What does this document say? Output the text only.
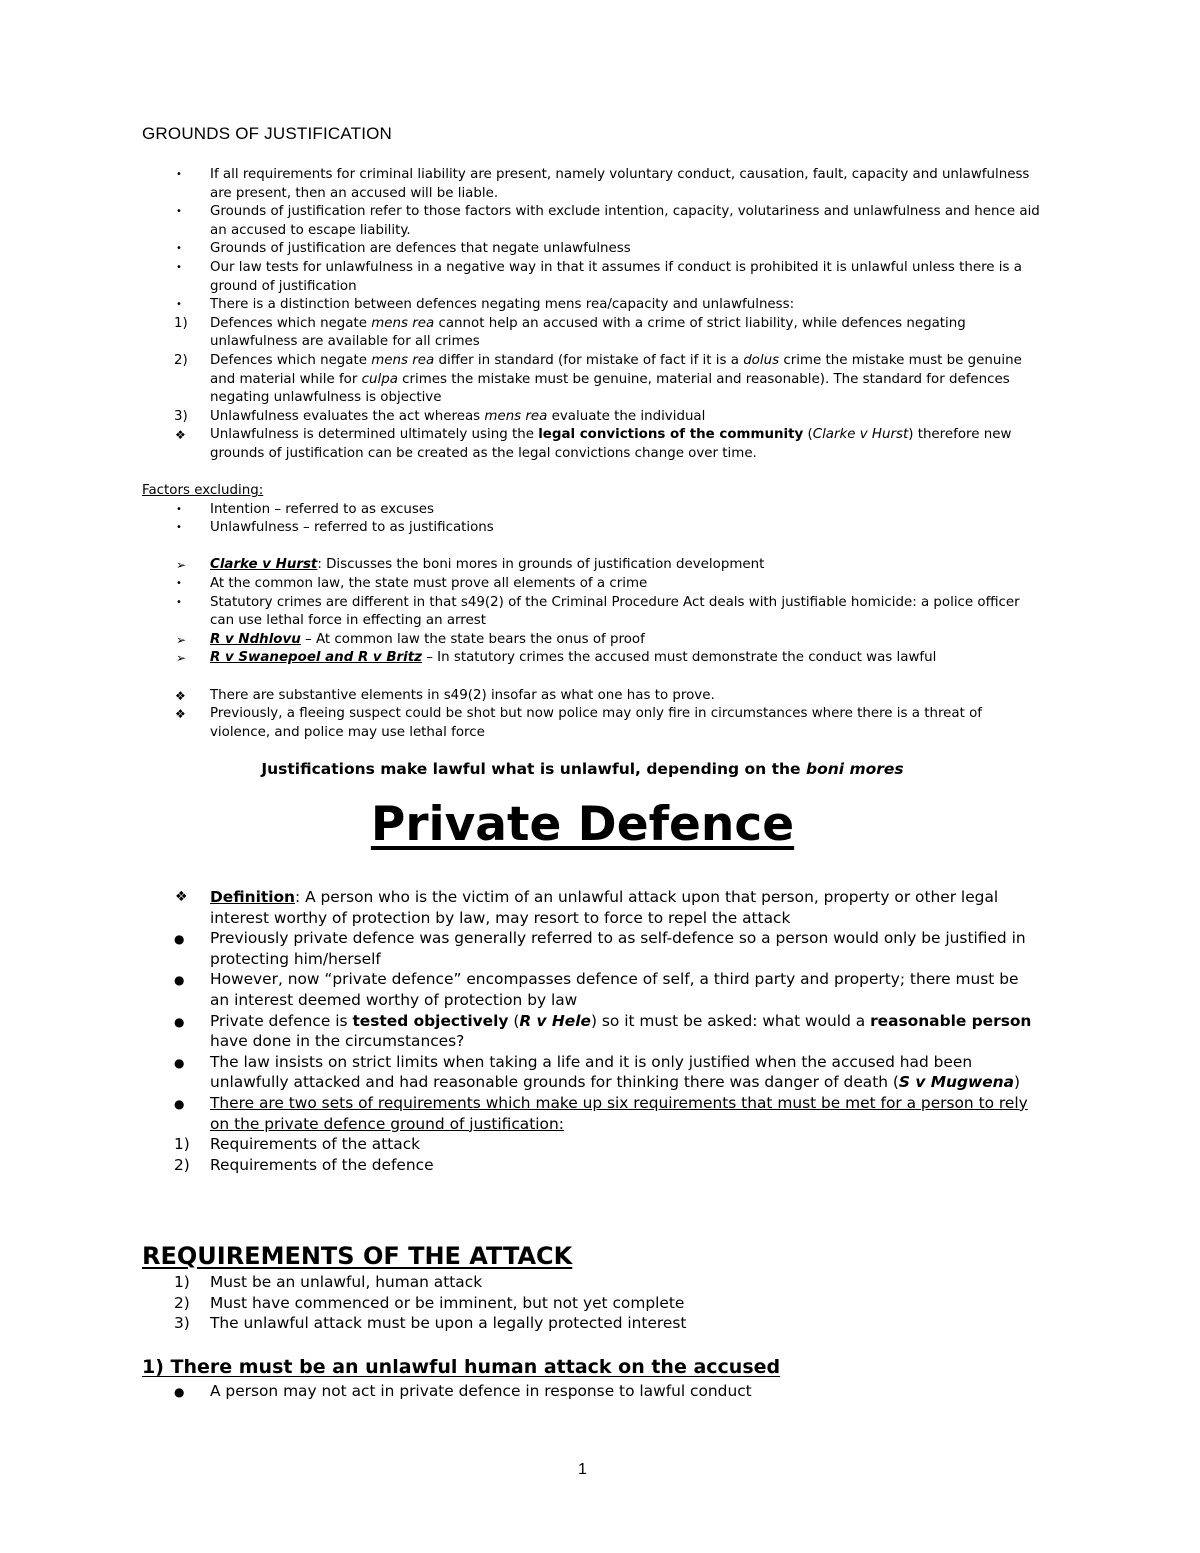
GROUNDS OF JUSTIFICATION
•	If all requirements for criminal liability are present, namely voluntary conduct, causation, fault, capacity and unlawfulness are present, then an accused will be liable.
•	Grounds of justification refer to those factors with exclude intention, capacity, volutariness and unlawfulness and hence aid an accused to escape liability.
•	Grounds of justification are defences that negate unlawfulness
•	Our law tests for unlawfulness in a negative way in that it assumes if conduct is prohibited it is unlawful unless there is a ground of justification
•	There is a distinction between defences negating mens rea/capacity and unlawfulness:
1)	Defences which negate mens rea cannot help an accused with a crime of strict liability, while defences negating unlawfulness are available for all crimes
2)	Defences which negate mens rea differ in standard (for mistake of fact if it is a dolus crime the mistake must be genuine and material while for culpa crimes the mistake must be genuine, material and reasonable). The standard for defences negating unlawfulness is objective
3)	Unlawfulness evaluates the act whereas mens rea evaluate the individual
❖	Unlawfulness is determined ultimately using the legal convictions of the community (Clarke v Hurst) therefore new grounds of justification can be created as the legal convictions change over time.
Factors excluding:
•	Intention – referred to as excuses
•	Unlawfulness – referred to as justifications
➢	Clarke v Hurst: Discusses the boni mores in grounds of justification development
•	At the common law, the state must prove all elements of a crime
•	Statutory crimes are different in that s49(2) of the Criminal Procedure Act deals with justifiable homicide: a police officer can use lethal force in effecting an arrest
➢	R v Ndhlovu – At common law the state bears the onus of proof
➢	R v Swanepoel and R v Britz – In statutory crimes the accused must demonstrate the conduct was lawful
❖	There are substantive elements in s49(2) insofar as what one has to prove.
❖	Previously, a fleeing suspect could be shot but now police may only fire in circumstances where there is a threat of violence, and police may use lethal force
Justifications make lawful what is unlawful, depending on the boni mores
Private Defence
❖	Definition: A person who is the victim of an unlawful attack upon that person, property or other legal interest worthy of protection by law, may resort to force to repel the attack
●	Previously private defence was generally referred to as self-defence so a person would only be justified in protecting him/herself
●	However, now “private defence” encompasses defence of self, a third party and property; there must be an interest deemed worthy of protection by law
●	Private defence is tested objectively (R v Hele) so it must be asked: what would a reasonable person have done in the circumstances?
●	The law insists on strict limits when taking a life and it is only justified when the accused had been unlawfully attacked and had reasonable grounds for thinking there was danger of death (S v Mugwena)
●	There are two sets of requirements which make up six requirements that must be met for a person to rely on the private defence ground of justification:
1)	Requirements of the attack
2)	Requirements of the defence
REQUIREMENTS OF THE ATTACK
1)	Must be an unlawful, human attack
2)	Must have commenced or be imminent, but not yet complete
3)	The unlawful attack must be upon a legally protected interest
1) There must be an unlawful human attack on the accused
●	A person may not act in private defence in response to lawful conduct
1
